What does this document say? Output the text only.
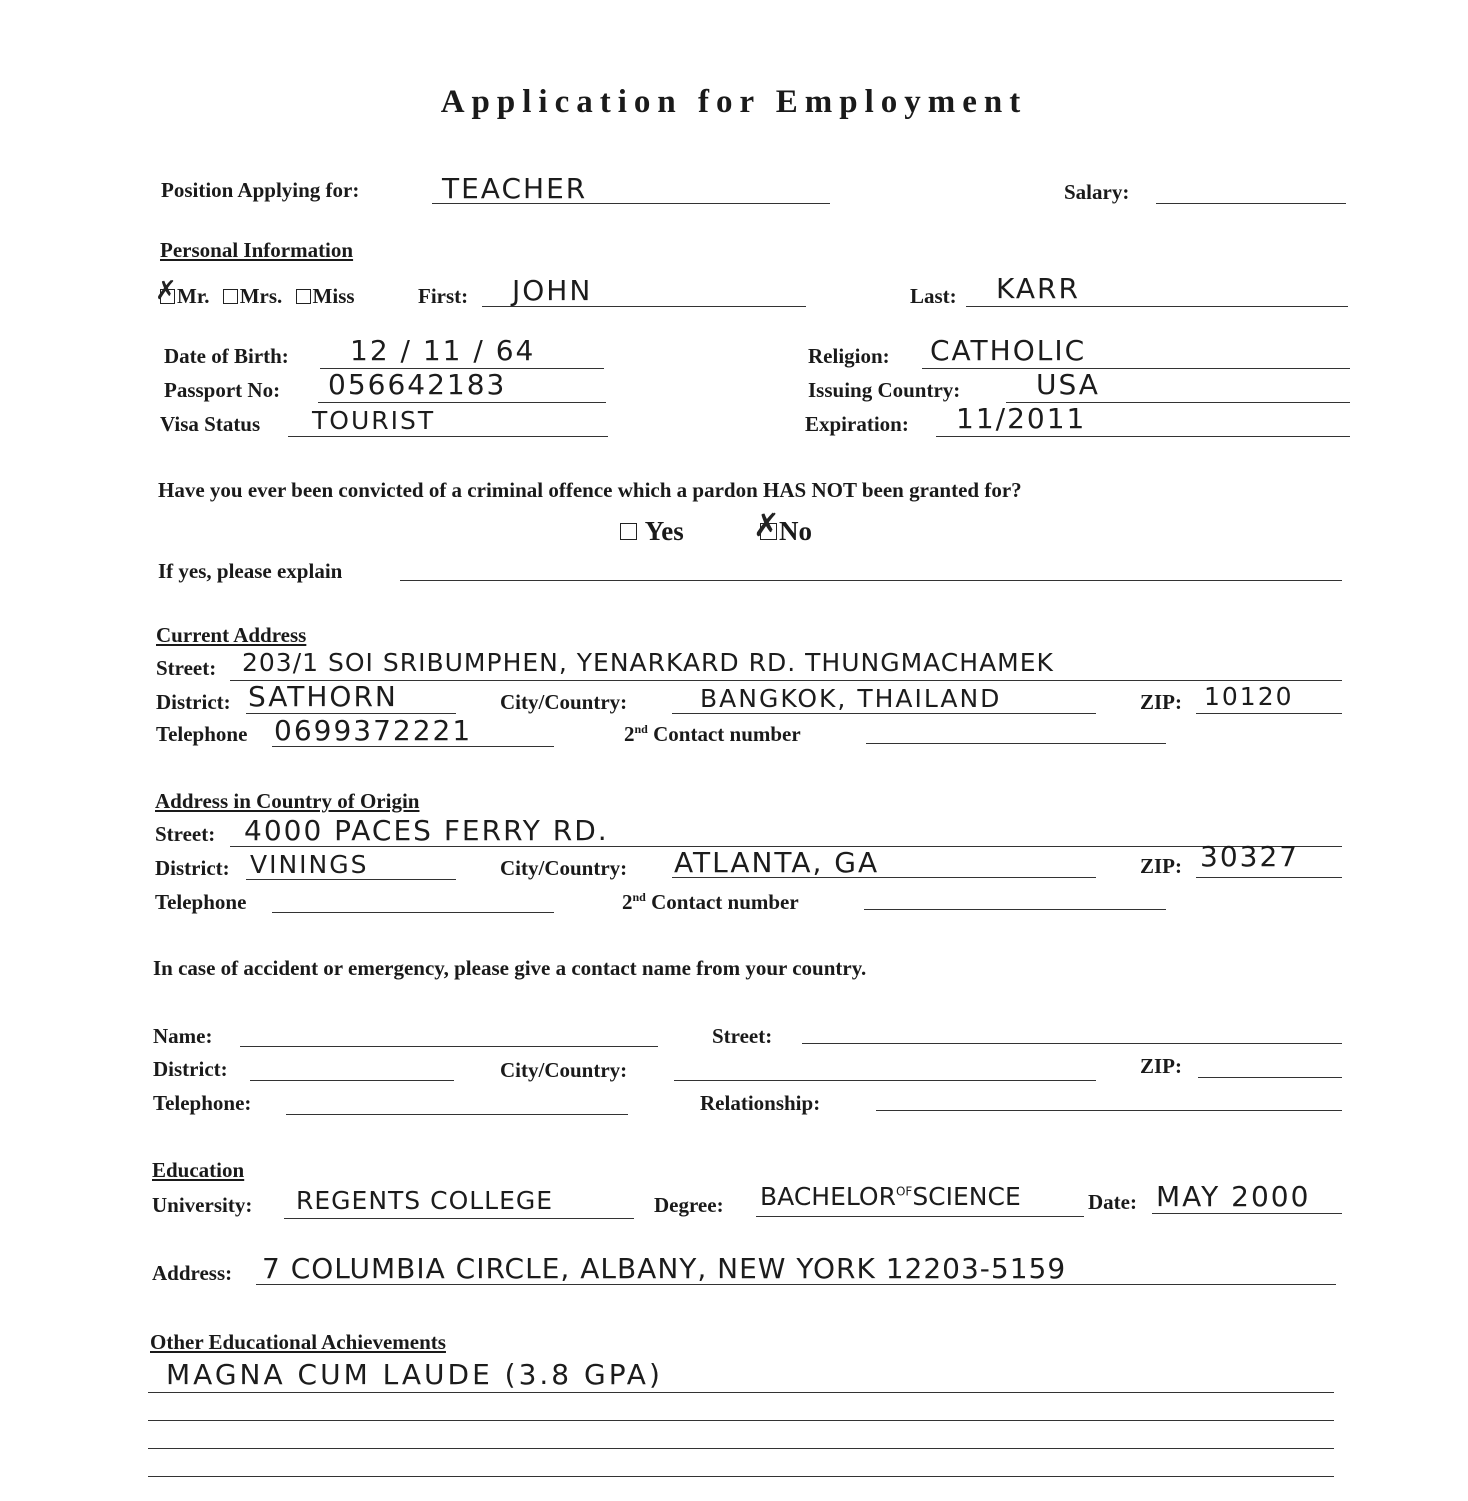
Application for Employment
Position Applying for:	TEACHER	Salary:
Personal Information
✗Mr. Mrs. Miss	First: JOHN	Last: KARR
Date of Birth: 12 / 11 / 64	Religion: CATHOLIC
Passport No: 056642183	Issuing Country:	USA
Visa Status TOURIST	Expiration: 11/2011
Have you ever been convicted of a criminal offence which a pardon HAS NOT been granted for?
Yes
✗	No
If yes, please explain
Current Address
Street: 203/1 SOI SRIBUMPHEN, YENARKARD RD. THUNGMACHAMEK
District: SATHORN	City/Country:	BANGKOK, THAILAND	ZIP: 10120
Telephone 0699372221	2nd Contact number
Address in Country of Origin
Street: 4000 PACES FERRY RD.
District: VININGS	City/Country: ATLANTA, GA	ZIP: 30327
Telephone	2nd Contact number
In case of accident or emergency, please give a contact name from your country.
Name:	Street:
District:	City/Country:	ZIP:
Telephone:	Relationship:
Education
University: REGENTS COLLEGE	Degree: $BACHELOR^{OF}SCIENCE$	Date: MAY 2000
Address: 7 COLUMBIA CIRCLE, ALBANY, NEW YORK 12203-5159
Other Educational Achievements
MAGNA CUM LAUDE (3.8 GPA)
